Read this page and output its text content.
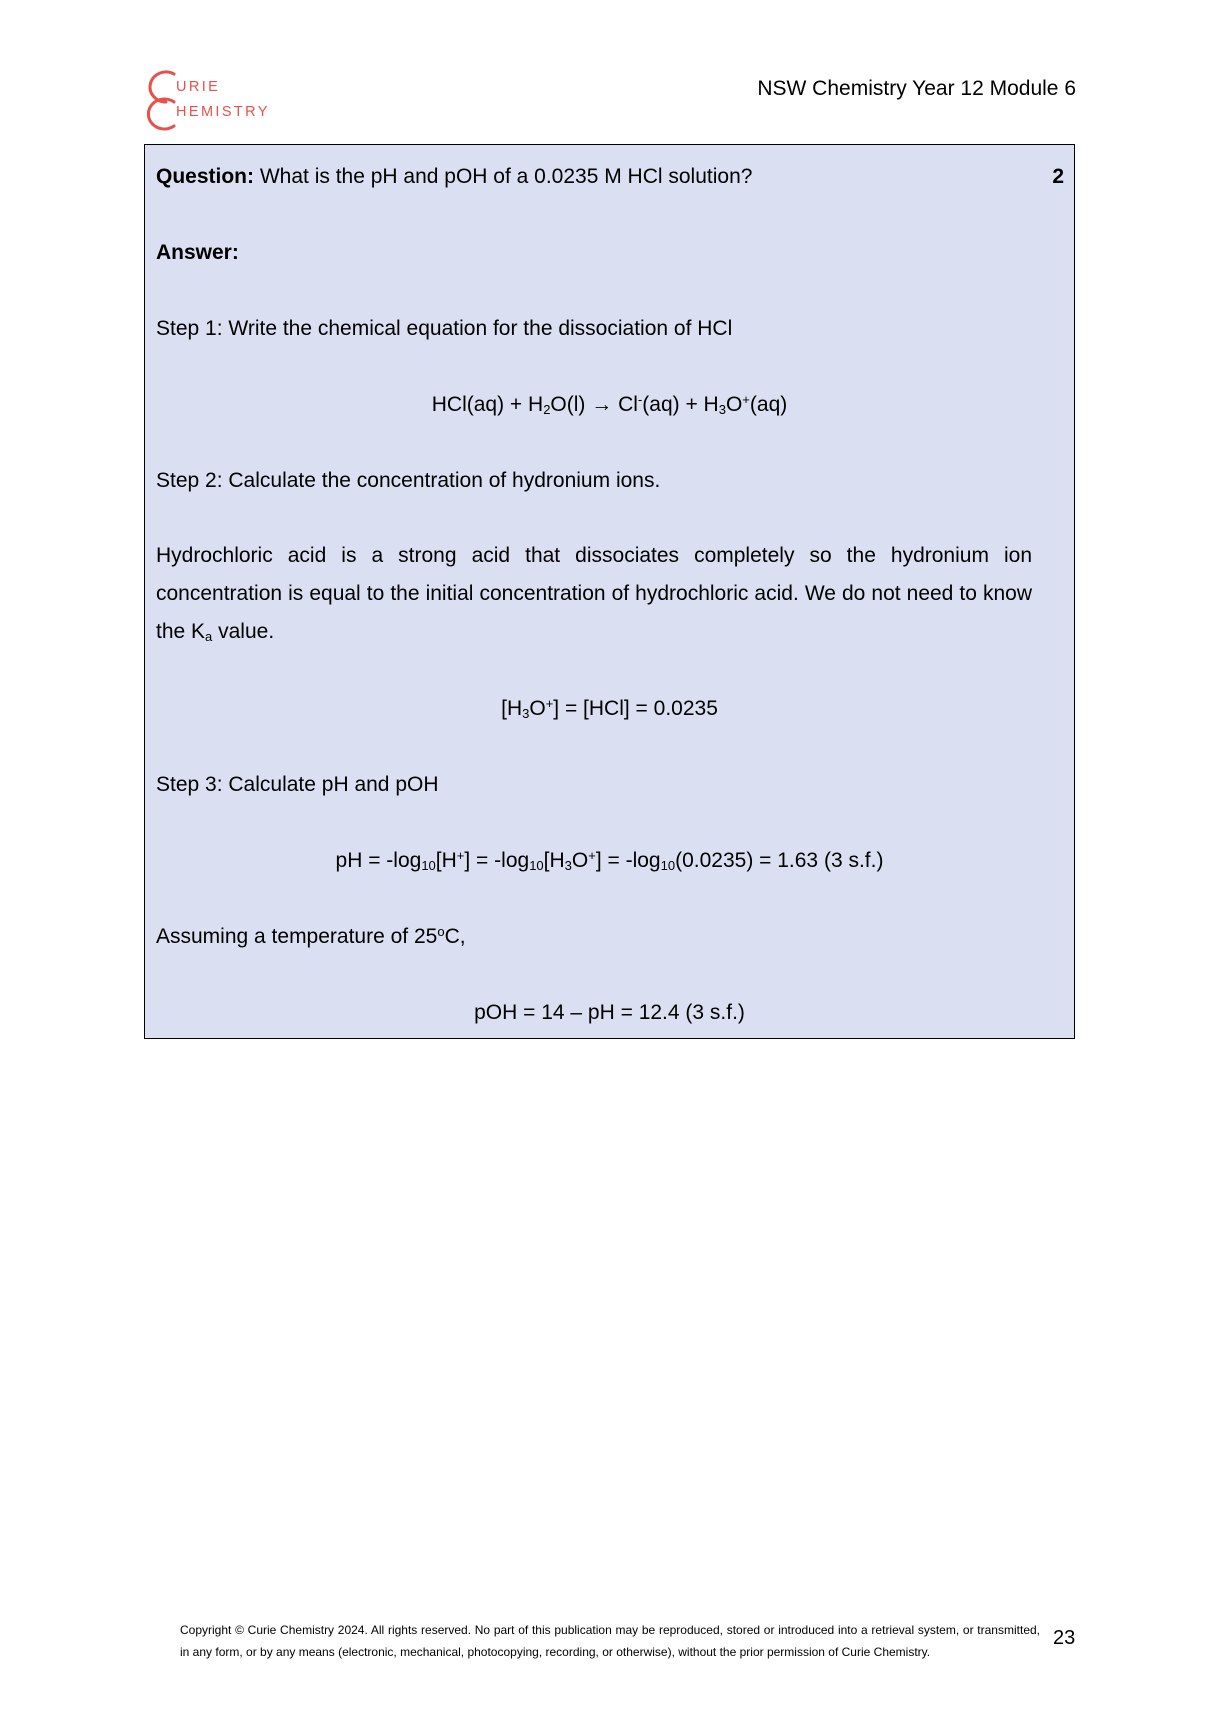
URIE
HEMISTRY
NSW Chemistry Year 12 Module 6
Question: What is the pH and pOH of a 0.0235 M HCl solution?	2
Answer:
Step 1: Write the chemical equation for the dissociation of HCl
$HCl(aq) + H_2O(l) \to Cl^-(aq) + H_3O^+(aq)$
Step 2: Calculate the concentration of hydronium ions.
Hydrochloric acid is a strong acid that dissociates completely so the hydronium ion concentration is equal to the initial concentration of hydrochloric acid. We do not need to know the $K_a$ value.
$[H_3O^+] = [HCl] = 0.0235$
Step 3: Calculate pH and pOH
pH = $-\log_{10}[H^+] = -\log_{10}[H_3O^+] = -\log_{10}(0.0235) = 1.63$ (3 s.f.)
Assuming a temperature of 25$^o$C,
pOH = 14 – pH = 12.4 (3 s.f.)
Copyright © Curie Chemistry 2024. All rights reserved. No part of this publication may be reproduced, stored or introduced into a retrieval system, or transmitted, in any form, or by any means (electronic, mechanical, photocopying, recording, or otherwise), without the prior permission of Curie Chemistry.
23
